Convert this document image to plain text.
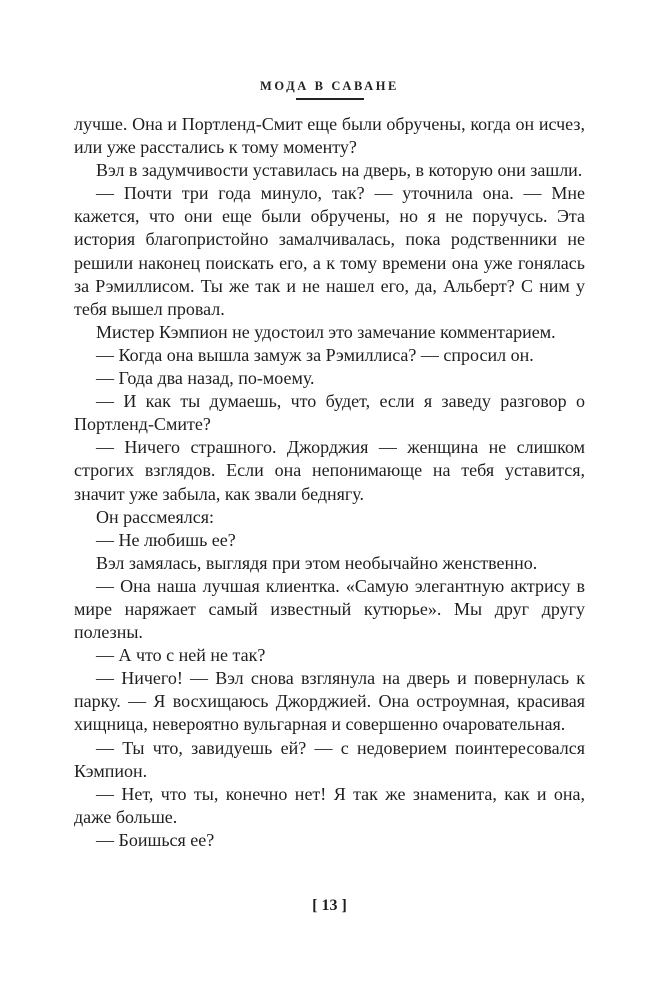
МОДА В САВАНЕ

лучше. Она и Портленд-Смит еще были обручены, когда он исчез, или уже расстались к тому моменту?

Вэл в задумчивости уставилась на дверь, в которую они зашли.

— Почти три года минуло, так? — уточнила она. — Мне кажется, что они еще были обручены, но я не поручусь. Эта история благопристойно замалчивалась, пока родственники не решили наконец поискать его, а к тому времени она уже гонялась за Рэмиллисом. Ты же так и не нашел его, да, Альберт? С ним у тебя вышел провал.

Мистер Кэмпион не удостоил это замечание комментарием.

— Когда она вышла замуж за Рэмиллиса? — спросил он.

— Года два назад, по-моему.

— И как ты думаешь, что будет, если я заведу разговор о Портленд-Смите?

— Ничего страшного. Джорджия — женщина не слишком строгих взглядов. Если она непонимающе на тебя уставится, значит уже забыла, как звали беднягу.

Он рассмеялся:

— Не любишь ее?

Вэл замялась, выглядя при этом необычайно женственно.

— Она наша лучшая клиентка. «Самую элегантную актрису в мире наряжает самый известный кутюрье». Мы друг другу полезны.

— А что с ней не так?

— Ничего! — Вэл снова взглянула на дверь и повернулась к парку. — Я восхищаюсь Джорджией. Она остроумная, красивая хищница, невероятно вульгарная и совершенно очаровательная.

— Ты что, завидуешь ей? — с недоверием поинтересовался Кэмпион.

— Нет, что ты, конечно нет! Я так же знаменита, как и она, даже больше.

— Боишься ее?

[ 13 ]
